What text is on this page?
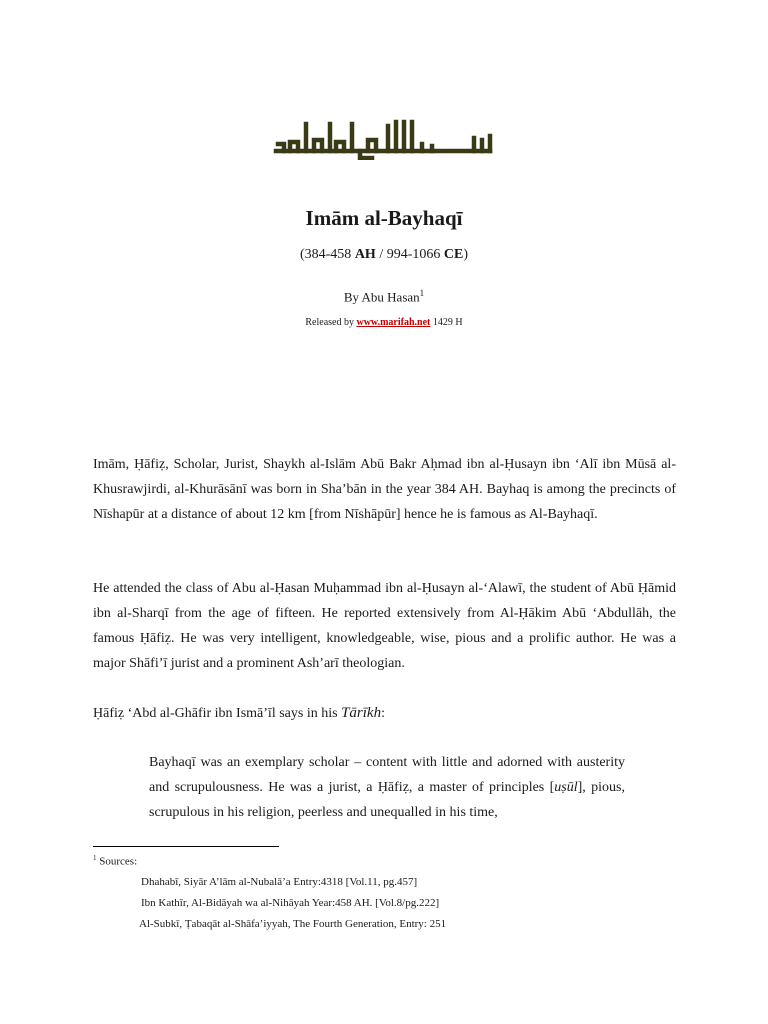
Imām al-Bayhaqī
(384-458 AH / 994-1066 CE)
By Abu Hasan$^1$
Released by www.marifah.net 1429 H

Imām, Ḥāfiẓ, Scholar, Jurist, Shaykh al-Islām Abū Bakr Aḥmad ibn al-Ḥusayn ibn ‘Alī ibn Mūsā al-Khusrawjirdi, al-Khurāsānī was born in Sha’bān in the year 384 AH. Bayhaq is among the precincts of Nīshapūr at a distance of about 12 km [from Nīshāpūr] hence he is famous as Al-Bayhaqī.

He attended the class of Abu al-Ḥasan Muḥammad ibn al-Ḥusayn al-‘Alawī, the student of Abū Ḥāmid ibn al-Sharqī from the age of fifteen. He reported extensively from Al-Ḥākim Abū ‘Abdullāh, the famous Ḥāfiẓ. He was very intelligent, knowledgeable, wise, pious and a prolific author. He was a major Shāfi’ī jurist and a prominent Ash’arī theologian.

Ḥāfiẓ ‘Abd al-Ghāfir ibn Ismā’īl says in his Tārīkh:

Bayhaqī was an exemplary scholar – content with little and adorned with austerity and scrupulousness. He was a jurist, a Ḥāfiẓ, a master of principles [uṣūl], pious, scrupulous in his religion, peerless and unequalled in his time,

$^1$ Sources:
Dhahabī, Siyār A’lām al-Nubalā’a Entry:4318 [Vol.11, pg.457]
Ibn Kathīr, Al-Bidāyah wa al-Nihāyah Year:458 AH. [Vol.8/pg.222]
Al-Subkī, Ṭabaqāt al-Shāfa’iyyah, The Fourth Generation, Entry: 251
